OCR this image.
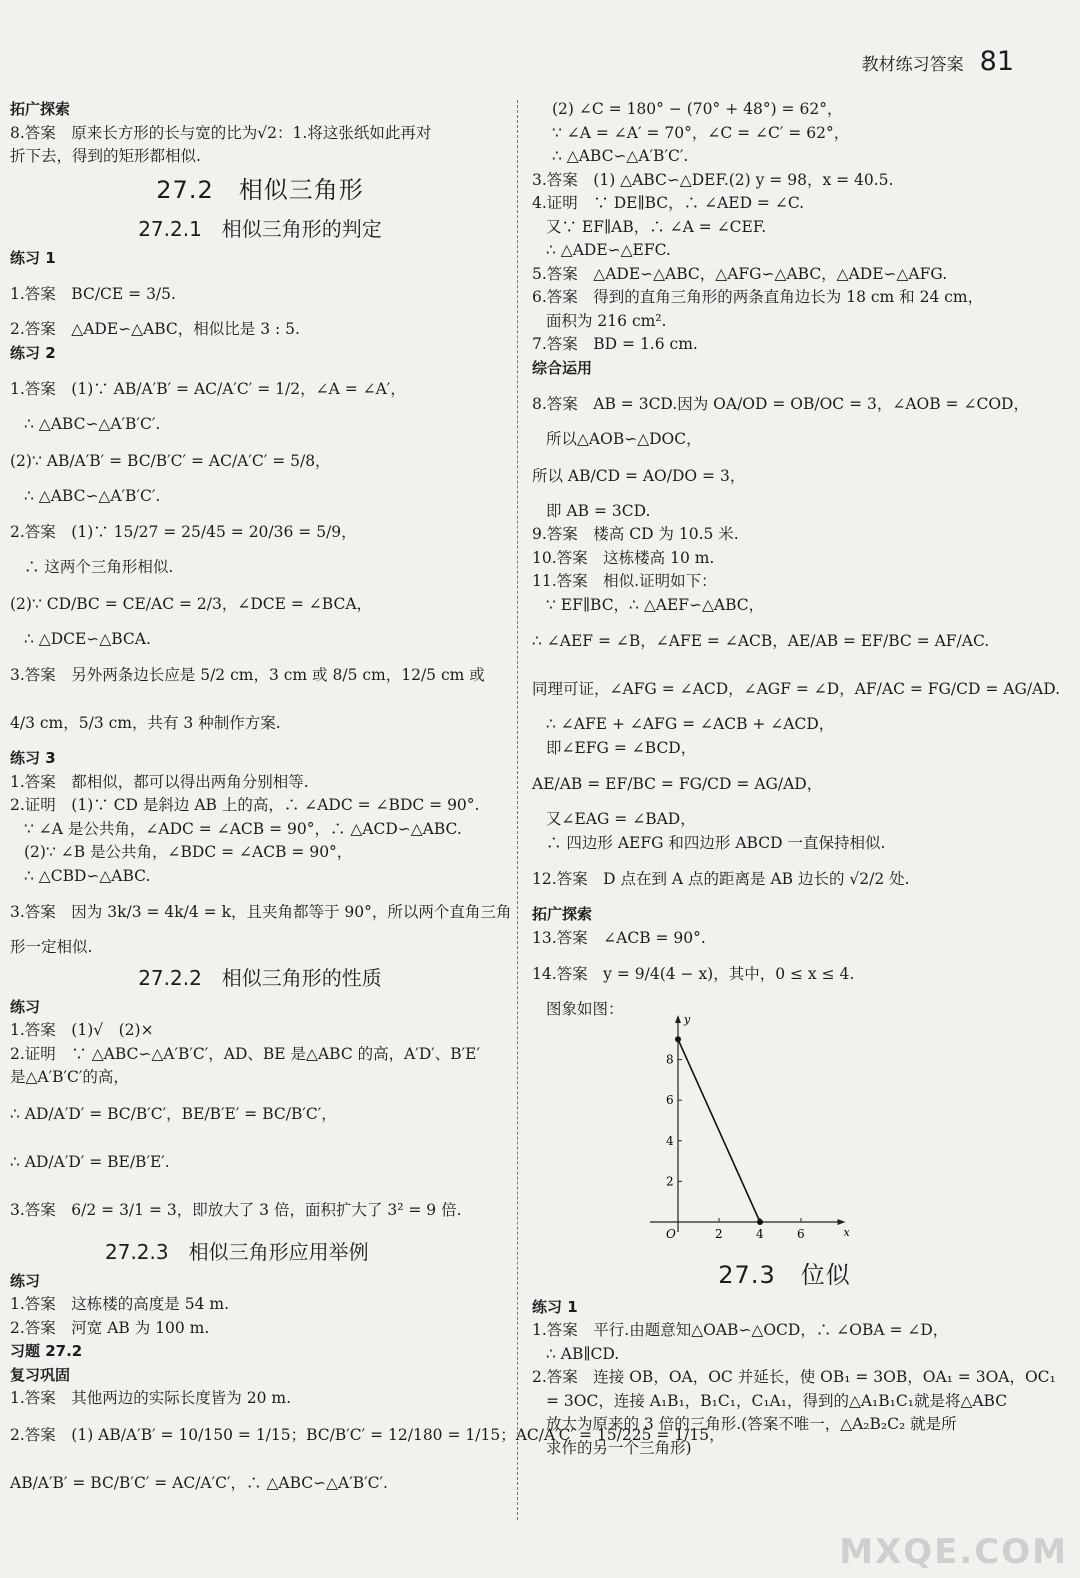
教材练习答案 81
拓广探索
8.答案　原来长方形的长与宽的比为√2：1.将这张纸如此再对
折下去，得到的矩形都相似.
27.2　相似三角形
27.2.1　相似三角形的判定
练习 1
1.答案　BC/CE = 3/5.
2.答案　△ADE∽△ABC，相似比是 3 : 5.
练习 2
1.答案　(1)∵ AB/A′B′ = AC/A′C′ = 1/2，∠A = ∠A′，
∴ △ABC∽△A′B′C′.
(2)∵ AB/A′B′ = BC/B′C′ = AC/A′C′ = 5/8，
∴ △ABC∽△A′B′C′.
2.答案　(1)∵ 15/27 = 25/45 = 20/36 = 5/9，
∴ 这两个三角形相似.
(2)∵ CD/BC = CE/AC = 2/3，∠DCE = ∠BCA，
∴ △DCE∽△BCA.
3.答案　另外两条边长应是 5/2 cm，3 cm 或 8/5 cm，12/5 cm 或
4/3 cm，5/3 cm，共有 3 种制作方案.
练习 3
1.答案　都相似，都可以得出两角分别相等.
2.证明　(1)∵ CD 是斜边 AB 上的高，∴ ∠ADC = ∠BDC = 90°.
∵ ∠A 是公共角，∠ADC = ∠ACB = 90°，∴ △ACD∽△ABC.
(2)∵ ∠B 是公共角，∠BDC = ∠ACB = 90°，
∴ △CBD∽△ABC.
3.答案　因为 3k/3 = 4k/4 = k，且夹角都等于 90°，所以两个直角三角
形一定相似.
27.2.2　相似三角形的性质
练习
1.答案　(1)√　(2)×
2.证明　∵ △ABC∽△A′B′C′，AD、BE 是△ABC 的高，A′D′、B′E′
是△A′B′C′的高，
∴ AD/A′D′ = BC/B′C′，BE/B′E′ = BC/B′C′，
∴ AD/A′D′ = BE/B′E′.
3.答案　6/2 = 3/1 = 3，即放大了 3 倍，面积扩大了 3² = 9 倍.
27.2.3　相似三角形应用举例
练习
1.答案　这栋楼的高度是 54 m.
2.答案　河宽 AB 为 100 m.
习题 27.2
复习巩固
1.答案　其他两边的实际长度皆为 20 m.
2.答案　(1) AB/A′B′ = 10/150 = 1/15；BC/B′C′ = 12/180 = 1/15；AC/A′C′ = 15/225 = 1/15，
AB/A′B′ = BC/B′C′ = AC/A′C′，∴ △ABC∽△A′B′C′.
(2) ∠C = 180° − (70° + 48°) = 62°，
∵ ∠A = ∠A′ = 70°，∠C = ∠C′ = 62°，
∴ △ABC∽△A′B′C′.
3.答案　(1) △ABC∽△DEF.(2) y = 98，x = 40.5.
4.证明　∵ DE∥BC，∴ ∠AED = ∠C.
又∵ EF∥AB，∴ ∠A = ∠CEF.
∴ △ADE∽△EFC.
5.答案　△ADE∽△ABC，△AFG∽△ABC，△ADE∽△AFG.
6.答案　得到的直角三角形的两条直角边长为 18 cm 和 24 cm，
面积为 216 cm².
7.答案　BD = 1.6 cm.
综合运用
8.答案　AB = 3CD.因为 OA/OD = OB/OC = 3，∠AOB = ∠COD，
所以△AOB∽△DOC，
所以 AB/CD = AO/DO = 3，
即 AB = 3CD.
9.答案　楼高 CD 为 10.5 米.
10.答案　这栋楼高 10 m.
11.答案　相似.证明如下：
∵ EF∥BC，∴ △AEF∽△ABC，
∴ ∠AEF = ∠B，∠AFE = ∠ACB，AE/AB = EF/BC = AF/AC.
同理可证，∠AFG = ∠ACD，∠AGF = ∠D，AF/AC = FG/CD = AG/AD.
∴ ∠AFE + ∠AFG = ∠ACB + ∠ACD，
即∠EFG = ∠BCD，
AE/AB = EF/BC = FG/CD = AG/AD，
又∠EAG = ∠BAD，
∴ 四边形 AEFG 和四边形 ABCD 一直保持相似.
12.答案　D 点在到 A 点的距离是 AB 边长的 √2/2 处.
拓广探索
13.答案　∠ACB = 90°.
14.答案　y = 9/4(4 − x)，其中，0 ≤ x ≤ 4.
图象如图：
x
y
O	2	4	6
2
4
6
8
27.3　位似
练习 1
1.答案　平行.由题意知△OAB∽△OCD，∴ ∠OBA = ∠D，
∴ AB∥CD.
2.答案　连接 OB，OA，OC 并延长，使 OB₁ = 3OB，OA₁ = 3OA，OC₁
= 3OC，连接 A₁B₁，B₁C₁，C₁A₁，得到的△A₁B₁C₁就是将△ABC
放大为原来的 3 倍的三角形.(答案不唯一，△A₂B₂C₂ 就是所
求作的另一个三角形)
MXQE.COM
